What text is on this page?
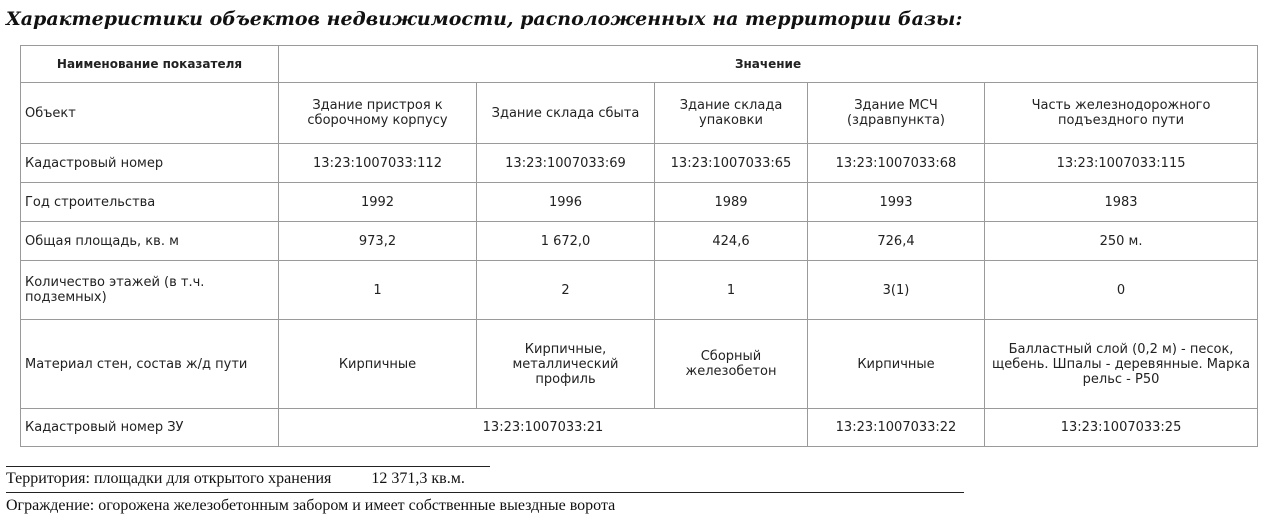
Характеристики объектов недвижимости, расположенных на территории базы:
Наименование показателя	Значение				
Объект	Здание пристроя к сборочному корпусу	Здание склада сбыта	Здание склада упаковки	Здание МСЧ (здравпункта)	Часть железнодорожного подъездного пути
Кадастровый номер	13:23:1007033:112	13:23:1007033:69	13:23:1007033:65	13:23:1007033:68	13:23:1007033:115
Год строительства	1992	1996	1989	1993	1983
Общая площадь, кв. м	973,2	1 672,0	424,6	726,4	250 м.
Количество этажей (в т.ч. подземных)	1	2	1	3(1)	0
Материал стен, состав ж/д пути	Кирпичные	Кирпичные, металлический профиль	Сборный железобетон	Кирпичные	Балластный слой (0,2 м) - песок, щебень. Шпалы - деревянные. Марка рельс - Р50
Кадастровый номер ЗУ	13:23:1007033:21			13:23:1007033:22	13:23:1007033:25
Территория: площадки для открытого хранения	12 371,3 кв.м.
Ограждение: огорожена железобетонным забором и имеет собственные выездные ворота
